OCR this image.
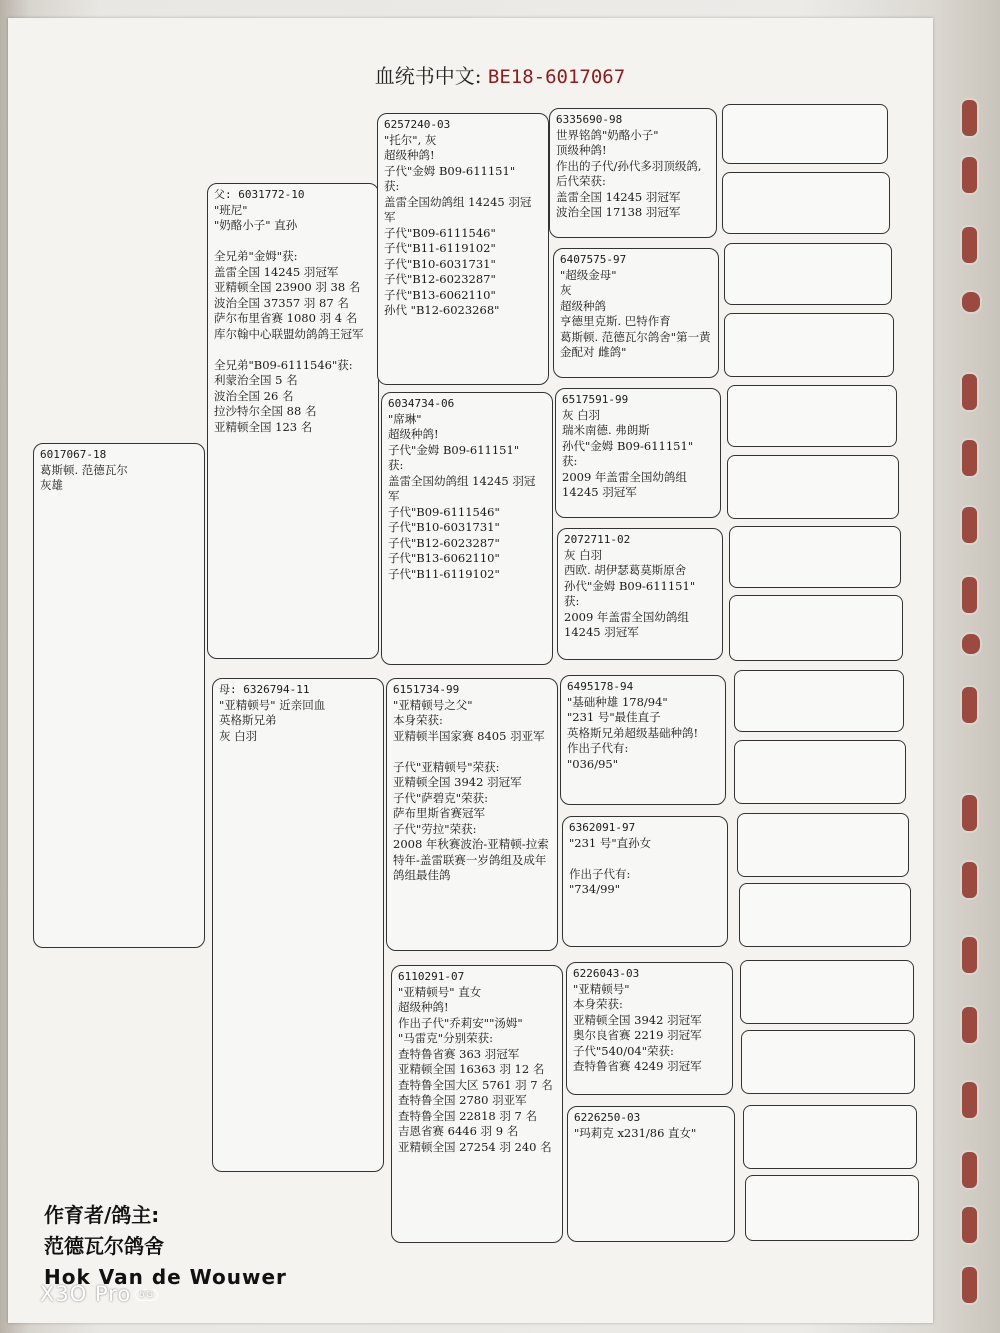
血统书中文: BE18-6017067
6017067-18
葛斯顿. 范德瓦尔
灰雄
父: 6031772-10
"班尼"
"奶酪小子" 直孙

全兄弟"金姆"获:
盖雷全国 14245 羽冠军
亚精顿全国 23900 羽 38 名
波治全国 37357 羽 87 名
萨尔布里省赛 1080 羽 4 名
库尔翰中心联盟幼鸽鸽王冠军

全兄弟"B09-6111546"获:
利蒙治全国 5 名
波治全国 26 名
拉沙特尔全国 88 名
亚精顿全国 123 名
母: 6326794-11
"亚精顿号" 近亲回血
英格斯兄弟
灰 白羽
6257240-03
"托尔", 灰
超级种鸽!
子代"金姆 B09-611151"
获:
盖雷全国幼鸽组 14245 羽冠军
子代"B09-6111546"
子代"B11-6119102"
子代"B10-6031731"
子代"B12-6023287"
子代"B13-6062110"
孙代 "B12-6023268"
6034734-06
"席琳"
超级种鸽!
子代"金姆 B09-611151"
获:
盖雷全国幼鸽组 14245 羽冠军
子代"B09-6111546"
子代"B10-6031731"
子代"B12-6023287"
子代"B13-6062110"
子代"B11-6119102"
6151734-99
"亚精顿号之父"
本身荣获:
亚精顿半国家赛 8405 羽亚军

子代"亚精顿号"荣获:
亚精顿全国 3942 羽冠军
子代"萨碧克"荣获:
萨布里斯省赛冠军
子代"劳拉"荣获:
2008 年秋赛波治-亚精顿-拉索特年-盖雷联赛一岁鸽组及成年鸽组最佳鸽
6110291-07
"亚精顿号" 直女
超级种鸽!
作出子代"乔莉安""汤姆"
"马雷克"分别荣获:
查特鲁省赛 363 羽冠军
亚精顿全国 16363 羽 12 名
查特鲁全国大区 5761 羽 7 名
查特鲁全国 2780 羽亚军
查特鲁全国 22818 羽 7 名
吉恩省赛 6446 羽 9 名
亚精顿全国 27254 羽 240 名
6335690-98
世界铭鸽"奶酪小子"
顶级种鸽!
作出的子代/孙代多羽顶级鸽, 后代荣获:
盖雷全国 14245 羽冠军
波治全国 17138 羽冠军
6407575-97
"超级金母"
灰
超级种鸽
亨德里克斯. 巴特作育
葛斯顿. 范德瓦尔鸽舍"第一黄金配对 雌鸽"
6517591-99
灰 白羽
瑞米南德. 弗朗斯
孙代"金姆 B09-611151"
获:
2009 年盖雷全国幼鸽组 14245 羽冠军
2072711-02
灰 白羽
西欧. 胡伊瑟葛莫斯原舍
孙代"金姆 B09-611151"
获:
2009 年盖雷全国幼鸽组 14245 羽冠军
6495178-94
"基础种雄 178/94"
"231 号"最佳直子
英格斯兄弟超级基础种鸽!
作出子代有:
"036/95"
6362091-97
"231 号"直孙女

作出子代有:
"734/99"
6226043-03
"亚精顿号"
本身荣获:
亚精顿全国 3942 羽冠军
奥尔良省赛 2219 羽冠军
子代"540/04"荣获:
查特鲁省赛 4249 羽冠军
6226250-03
"玛莉克 x231/86 直女"
作育者/鸽主:
范德瓦尔鸽舍
Hok Van de Wouwer
X3O Pro 5G
